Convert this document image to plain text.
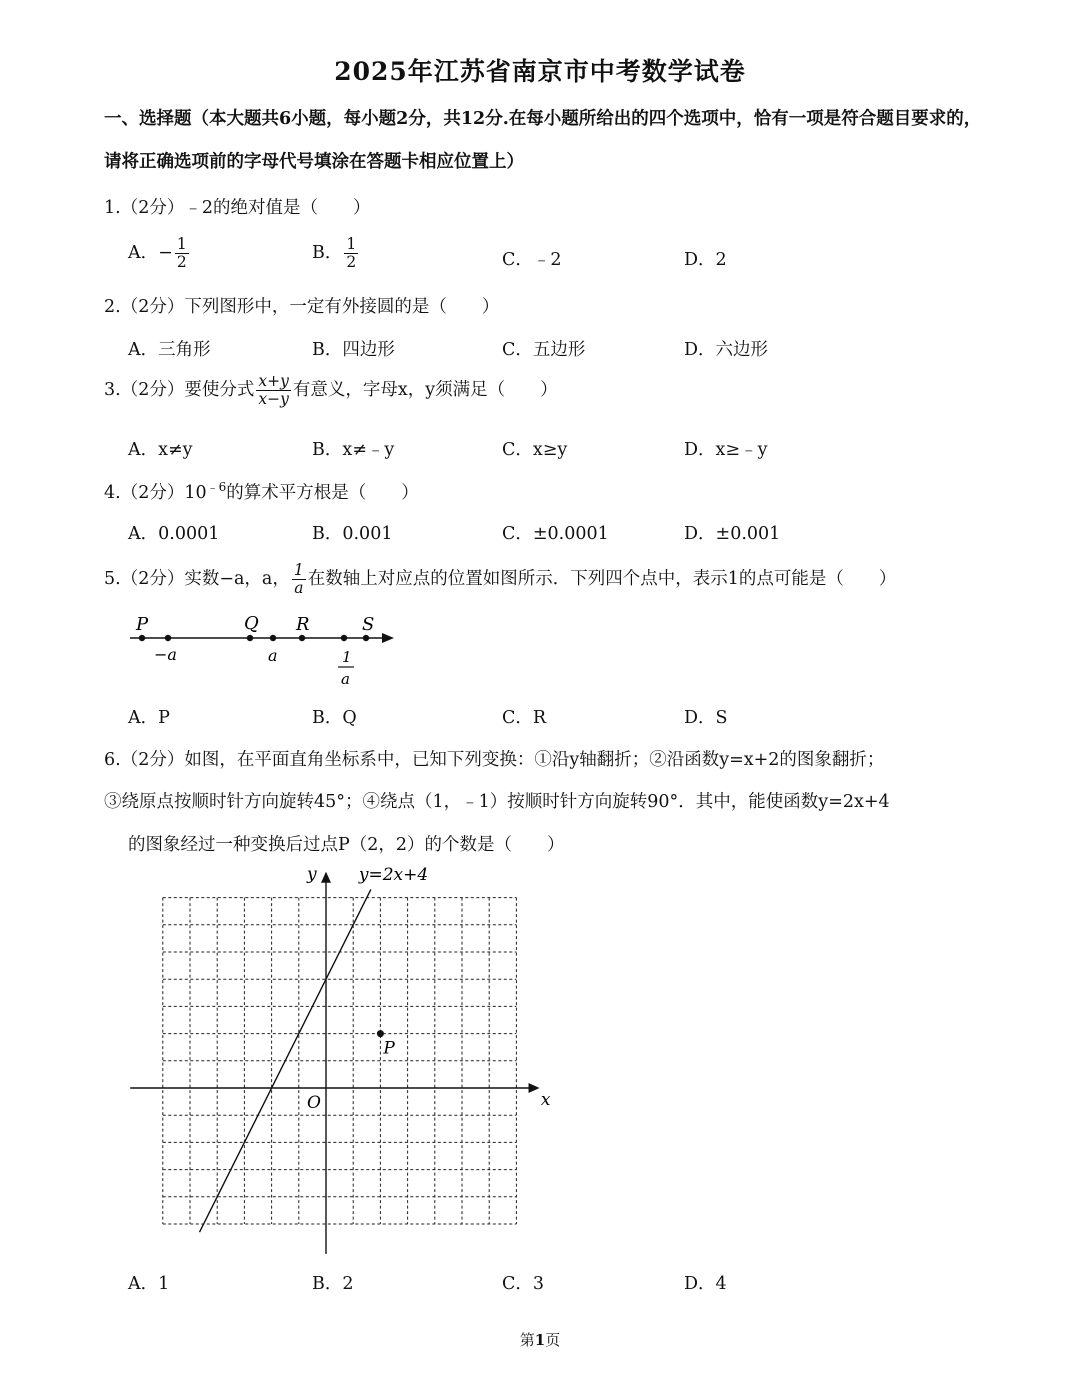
2025年江苏省南京市中考数学试卷
一、选择题（本大题共6小题，每小题2分，共12分.在每小题所给出的四个选项中，恰有一项是符合题目要求的，请将正确选项前的字母代号填涂在答题卡相应位置上）
1.（2分）﹣2的绝对值是（　　）
A．− $\frac{1}{2}$	B． $\frac{1}{2}$	C．﹣2	D．2
2.（2分）下列图形中，一定有外接圆的是（　　）
A．三角形	B．四边形	C．五边形	D．六边形
3.（2分）要使分式 $\frac{x+y}{x-y}$ 有意义，字母x，y须满足（　　）
A．x≠y	B．x≠﹣y	C．x≥y	D．x≥﹣y
4.（2分）$10^{﹣6}$的算术平方根是（　　）
A．0.0001	B．0.001	C．±0.0001	D．±0.001
5.（2分）实数−a，a， $\frac{1}{a}$ 在数轴上对应点的位置如图所示．下列四个点中，表示1的点可能是（　　）
P	Q R	S
−a	a	1
a
A．P	B．Q	C．R	D．S
6.（2分）如图，在平面直角坐标系中，已知下列变换：①沿y轴翻折；②沿函数y=x+2的图象翻折；
③绕原点按顺时针方向旋转45°；④绕点（1，﹣1）按顺时针方向旋转90°．其中，能使函数y=2x+4
的图象经过一种变换后过点P（2，2）的个数是（　　）
y
x
O
y=2x+4
P
A．1	B．2	C．3	D．4
第1页
